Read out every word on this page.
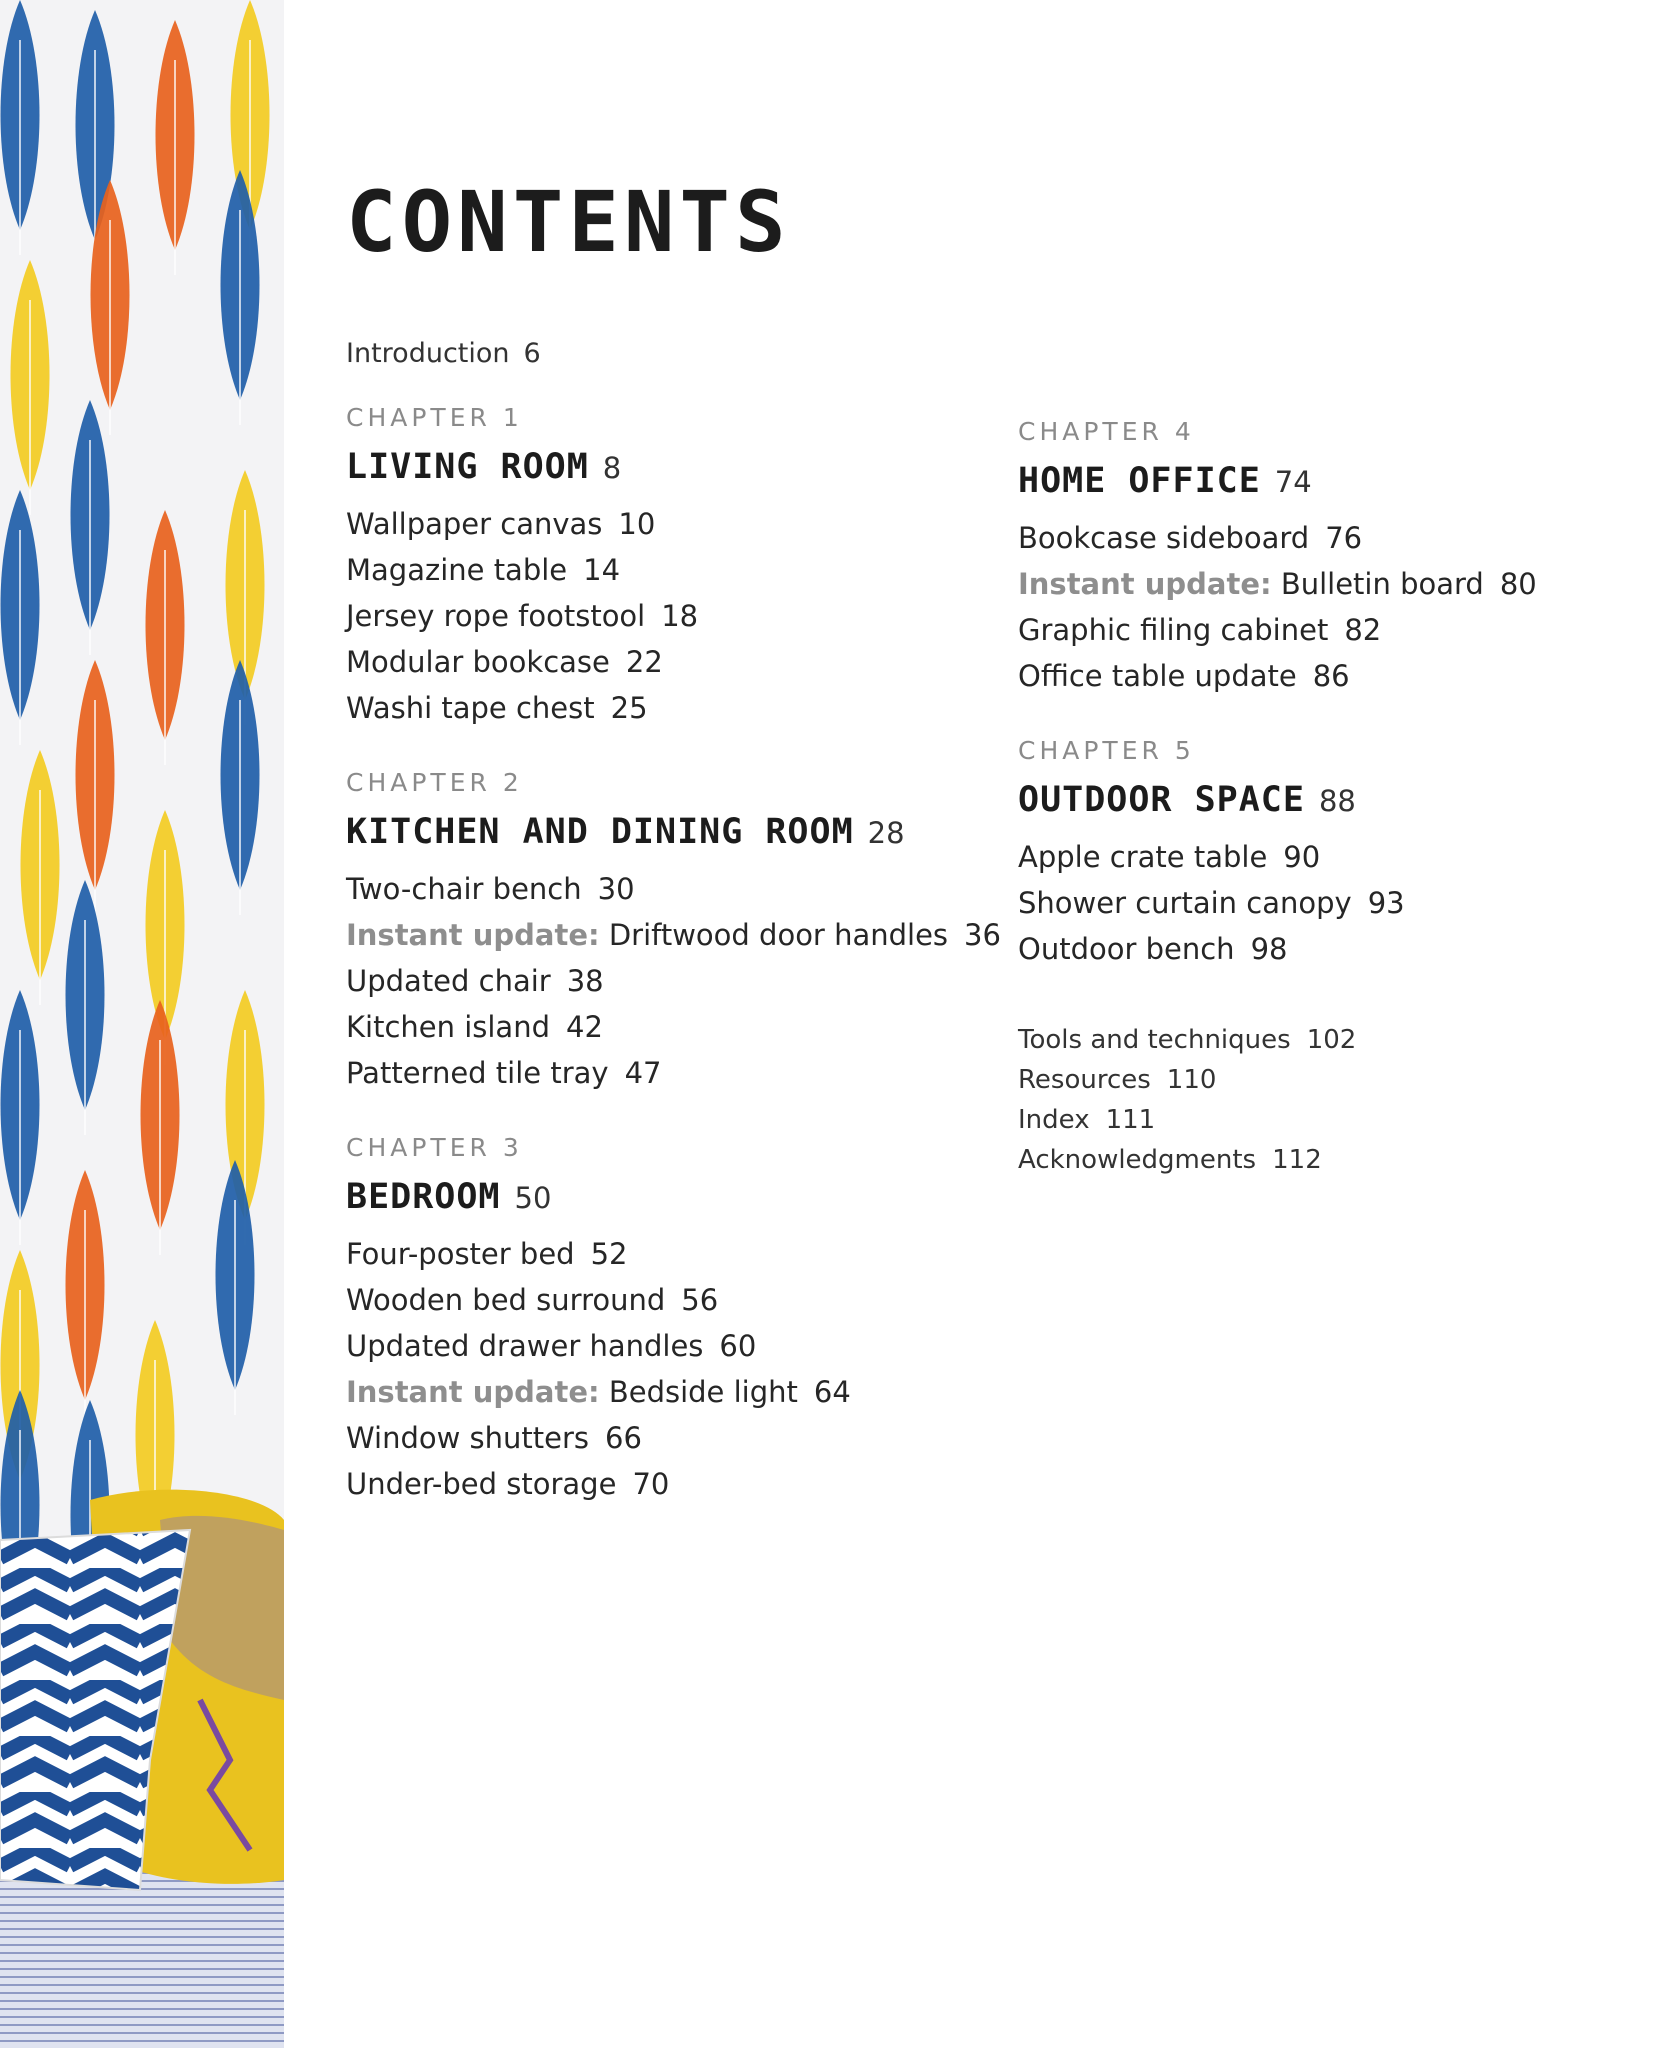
CONTENTS
Introduction 6
CHAPTER 1
LIVING ROOM 8
Wallpaper canvas 10
Magazine table 14
Jersey rope footstool 18
Modular bookcase 22
Washi tape chest 25
CHAPTER 2
KITCHEN AND DINING ROOM 28
Two-chair bench 30
Instant update: Driftwood door handles 36
Updated chair 38
Kitchen island 42
Patterned tile tray 47
CHAPTER 3
BEDROOM 50
Four-poster bed 52
Wooden bed surround 56
Updated drawer handles 60
Instant update: Bedside light 64
Window shutters 66
Under-bed storage 70
CHAPTER 4
HOME OFFICE 74
Bookcase sideboard 76
Instant update: Bulletin board 80
Graphic filing cabinet 82
Office table update 86
CHAPTER 5
OUTDOOR SPACE 88
Apple crate table 90
Shower curtain canopy 93
Outdoor bench 98
Tools and techniques 102
Resources 110
Index 111
Acknowledgments 112
